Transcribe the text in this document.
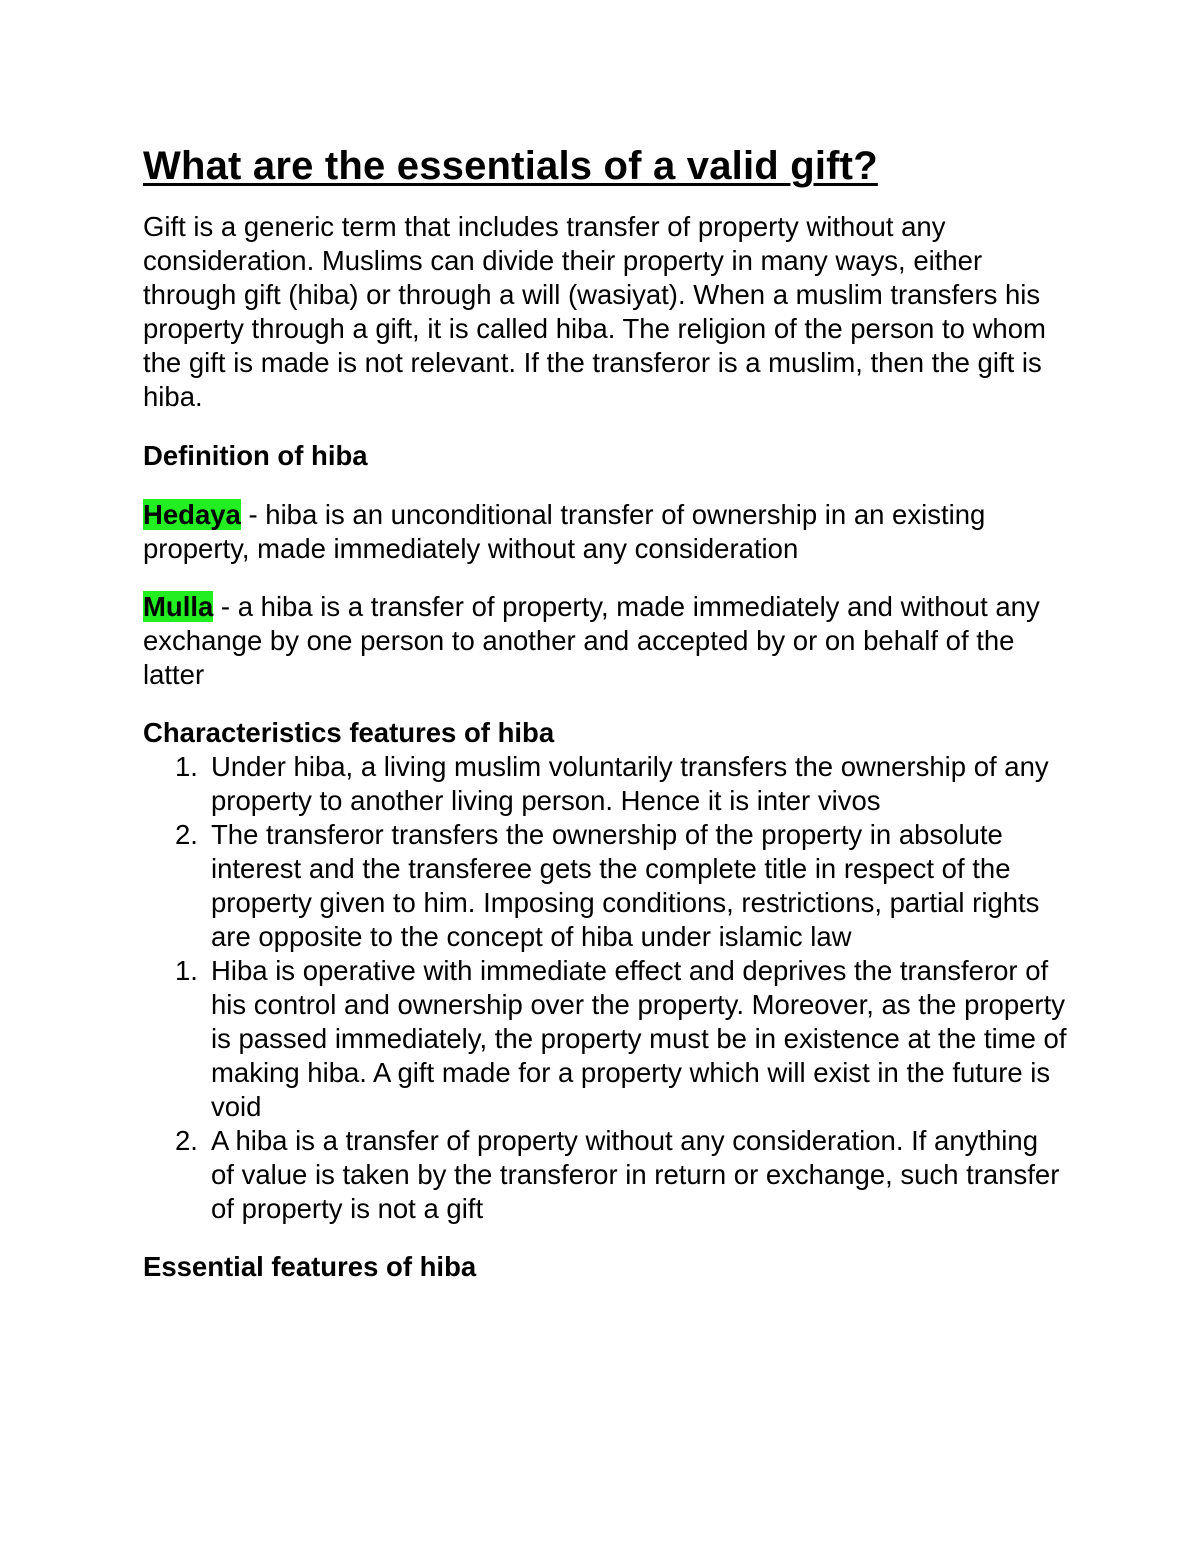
What are the essentials of a valid gift?

Gift is a generic term that includes transfer of property without any consideration. Muslims can divide their property in many ways, either through gift (hiba) or through a will (wasiyat). When a muslim transfers his property through a gift, it is called hiba. The religion of the person to whom the gift is made is not relevant. If the transferor is a muslim, then the gift is hiba.

Definition of hiba

Hedaya - hiba is an unconditional transfer of ownership in an existing property, made immediately without any consideration

Mulla - a hiba is a transfer of property, made immediately and without any exchange by one person to another and accepted by or on behalf of the latter

Characteristics features of hiba
1. Under hiba, a living muslim voluntarily transfers the ownership of any property to another living person. Hence it is inter vivos
2. The transferor transfers the ownership of the property in absolute interest and the transferee gets the complete title in respect of the property given to him. Imposing conditions, restrictions, partial rights are opposite to the concept of hiba under islamic law
1. Hiba is operative with immediate effect and deprives the transferor of his control and ownership over the property. Moreover, as the property is passed immediately, the property must be in existence at the time of making hiba. A gift made for a property which will exist in the future is void
2. A hiba is a transfer of property without any consideration. If anything of value is taken by the transferor in return or exchange, such transfer of property is not a gift
Essential features of hiba
